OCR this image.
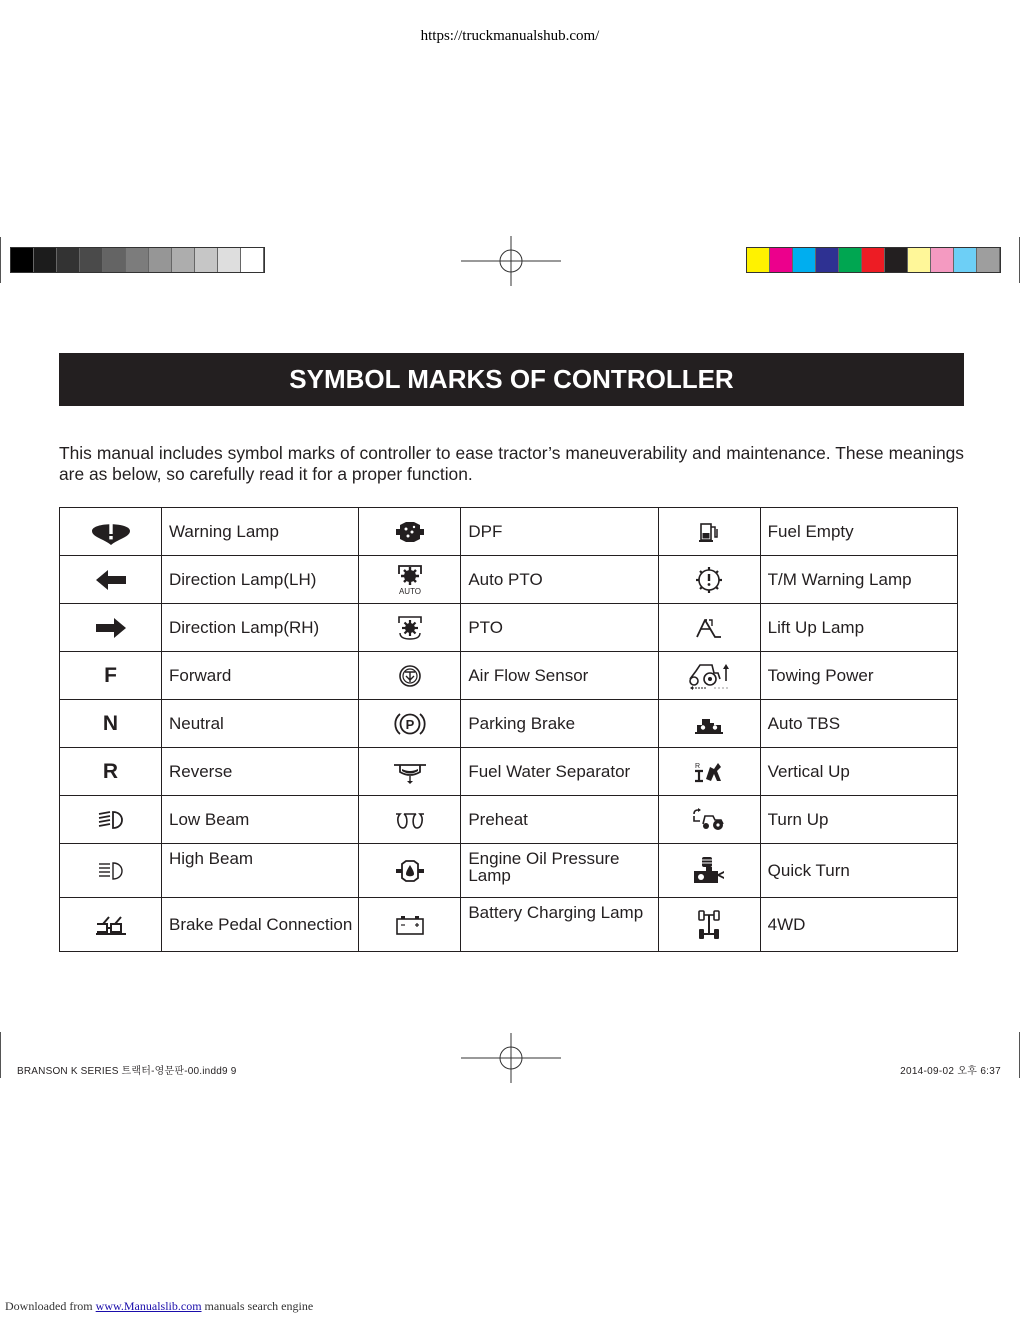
https://truckmanualshub.com/
SYMBOL MARKS OF CONTROLLER
This manual includes symbol marks of controller to ease tractor’s maneuverability and maintenance. These meanings are as below, so carefully read it for a proper function.
	Warning Lamp		DPF		Fuel Empty

	Direction Lamp(LH)	AUTO	Auto PTO		T/M Warning Lamp

	Direction Lamp(RH)		PTO		Lift Up Lamp
F	Forward		Air Flow Sensor		Towing Power
N	Neutral	P	Parking Brake		Auto TBS
R	Reverse		Fuel Water Separator	R	Vertical Up

	Low Beam		Preheat		Turn Up

	High Beam		Engine Oil Pressure Lamp		Quick Turn

	Brake Pedal Connection		Battery Charging Lamp		4WD
BRANSON K SERIES 트랙터-영문판-00.indd9 9	2014-09-02 오후 6:37
Downloaded from www.Manualslib.com manuals search engine
